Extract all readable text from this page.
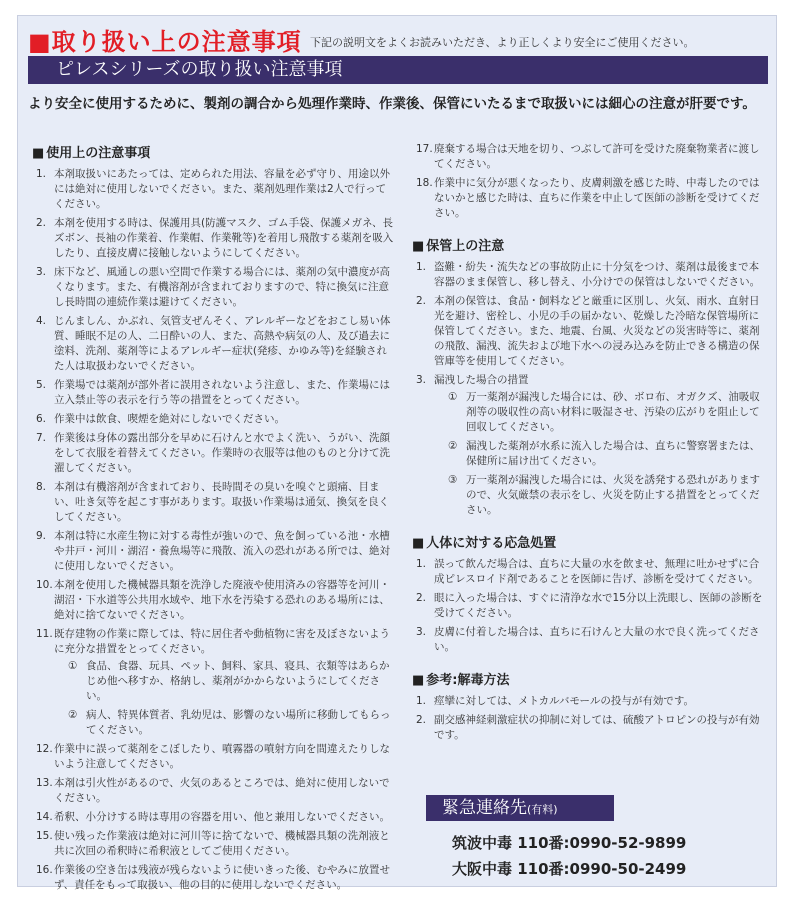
■取り扱い上の注意事項 下記の説明文をよくお読みいただき、より正しくより安全にご使用ください。
ピレスシリーズの取り扱い注意事項
より安全に使用するために、製剤の調合から処理作業時、作業後、保管にいたるまで取扱いには細心の注意が肝要です。
■ 使用上の注意事項
1. 本剤取扱いにあたっては、定められた用法、容量を必ず守り、用途以外には絶対に使用しないでください。また、薬剤処理作業は2人で行ってください。
2. 本剤を使用する時は、保護用具(防護マスク、ゴム手袋、保護メガネ、長ズボン、長袖の作業着、作業帽、作業靴等)を着用し飛散する薬剤を吸入したり、直接皮膚に接触しないようにしてください。
3. 床下など、風通しの悪い空間で作業する場合には、薬剤の気中濃度が高くなります。また、有機溶剤が含まれておりますので、特に換気に注意し長時間の連続作業は避けてください。
4. じんましん、かぶれ、気管支ぜんそく、アレルギーなどをおこし易い体質、睡眠不足の人、二日酔いの人、また、高熱や病気の人、及び過去に塗料、洗剤、薬剤等によるアレルギー症状(発疹、かゆみ等)を経験された人は取扱わないでください。
5. 作業場では薬剤が部外者に誤用されないよう注意し、また、作業場には立入禁止等の表示を行う等の措置をとってください。
6. 作業中は飲食、喫煙を絶対にしないでください。
7. 作業後は身体の露出部分を早めに石けんと水でよく洗い、うがい、洗顔をして衣服を着替えてください。作業時の衣服等は他のものと分けて洗濯してください。
8. 本剤は有機溶剤が含まれており、長時間その臭いを嗅ぐと頭痛、目まい、吐き気等を起こす事があります。取扱い作業場は通気、換気を良くしてください。
9. 本剤は特に水産生物に対する毒性が強いので、魚を飼っている池・水槽や井戸・河川・湖沼・養魚場等に飛散、流入の恐れがある所では、絶対に使用しないでください。
10. 本剤を使用した機械器具類を洗浄した廃液や使用済みの容器等を河川・湖沼・下水道等公共用水域や、地下水を汚染する恐れのある場所には、絶対に捨てないでください。
11. 既存建物の作業に際しては、特に居住者や動植物に害を及ぼさないように充分な措置をとってください。
① 食品、食器、玩具、ペット、飼料、家具、寝具、衣類等はあらかじめ他へ移すか、格納し、薬剤がかからないようにしてください。
② 病人、特異体質者、乳幼児は、影響のない場所に移動してもらってください。
12. 作業中に誤って薬剤をこぼしたり、噴霧器の噴射方向を間違えたりしないよう注意してください。
13. 本剤は引火性があるので、火気のあるところでは、絶対に使用しないでください。
14. 希釈、小分けする時は専用の容器を用い、他と兼用しないでください。
15. 使い残った作業液は絶対に河川等に捨てないで、機械器具類の洗剤液と共に次回の希釈時に希釈液としてご使用ください。
16. 作業後の空き缶は残液が残らないように使いきった後、むやみに放置せず、責任をもって取扱い、他の目的に使用しないでください。
17. 廃棄する場合は天地を切り、つぶして許可を受けた廃棄物業者に渡してください。
18. 作業中に気分が悪くなったり、皮膚刺激を感じた時、中毒したのではないかと感じた時は、直ちに作業を中止して医師の診断を受けてください。
■ 保管上の注意
1. 盗難・紛失・流失などの事故防止に十分気をつけ、薬剤は最後まで本容器のまま保管し、移し替え、小分けでの保管はしないでください。
2. 本剤の保管は、食品・飼料などと厳重に区別し、火気、雨水、直射日光を避け、密栓し、小児の手の届かない、乾燥した冷暗な保管場所に保管してください。また、地震、台風、火災などの災害時等に、薬剤の飛散、漏洩、流失および地下水への浸み込みを防止できる構造の保管庫等を使用してください。
3. 漏洩した場合の措置
① 万一薬剤が漏洩した場合には、砂、ボロ布、オガクズ、油吸収剤等の吸収性の高い材料に吸湿させ、汚染の広がりを阻止して回収してください。
② 漏洩した薬剤が水系に流入した場合は、直ちに警察署または、保健所に届け出てください。
③ 万一薬剤が漏洩した場合には、火災を誘発する恐れがありますので、火気厳禁の表示をし、火災を防止する措置をとってください。
■ 人体に対する応急処置
1. 誤って飲んだ場合は、直ちに大量の水を飲ませ、無理に吐かせずに合成ピレスロイド剤であることを医師に告げ、診断を受けてください。
2. 眼に入った場合は、すぐに清浄な水で15分以上洗眼し、医師の診断を受けてください。
3. 皮膚に付着した場合は、直ちに石けんと大量の水で良く洗ってください。
■ 参考:解毒方法
1. 痙攣に対しては、メトカルバモールの投与が有効です。
2. 副交感神経刺激症状の抑制に対しては、硫酸アトロピンの投与が有効です。
緊急連絡先(有料)
筑波中毒 110番:0990-52-9899
大阪中毒 110番:0990-50-2499
